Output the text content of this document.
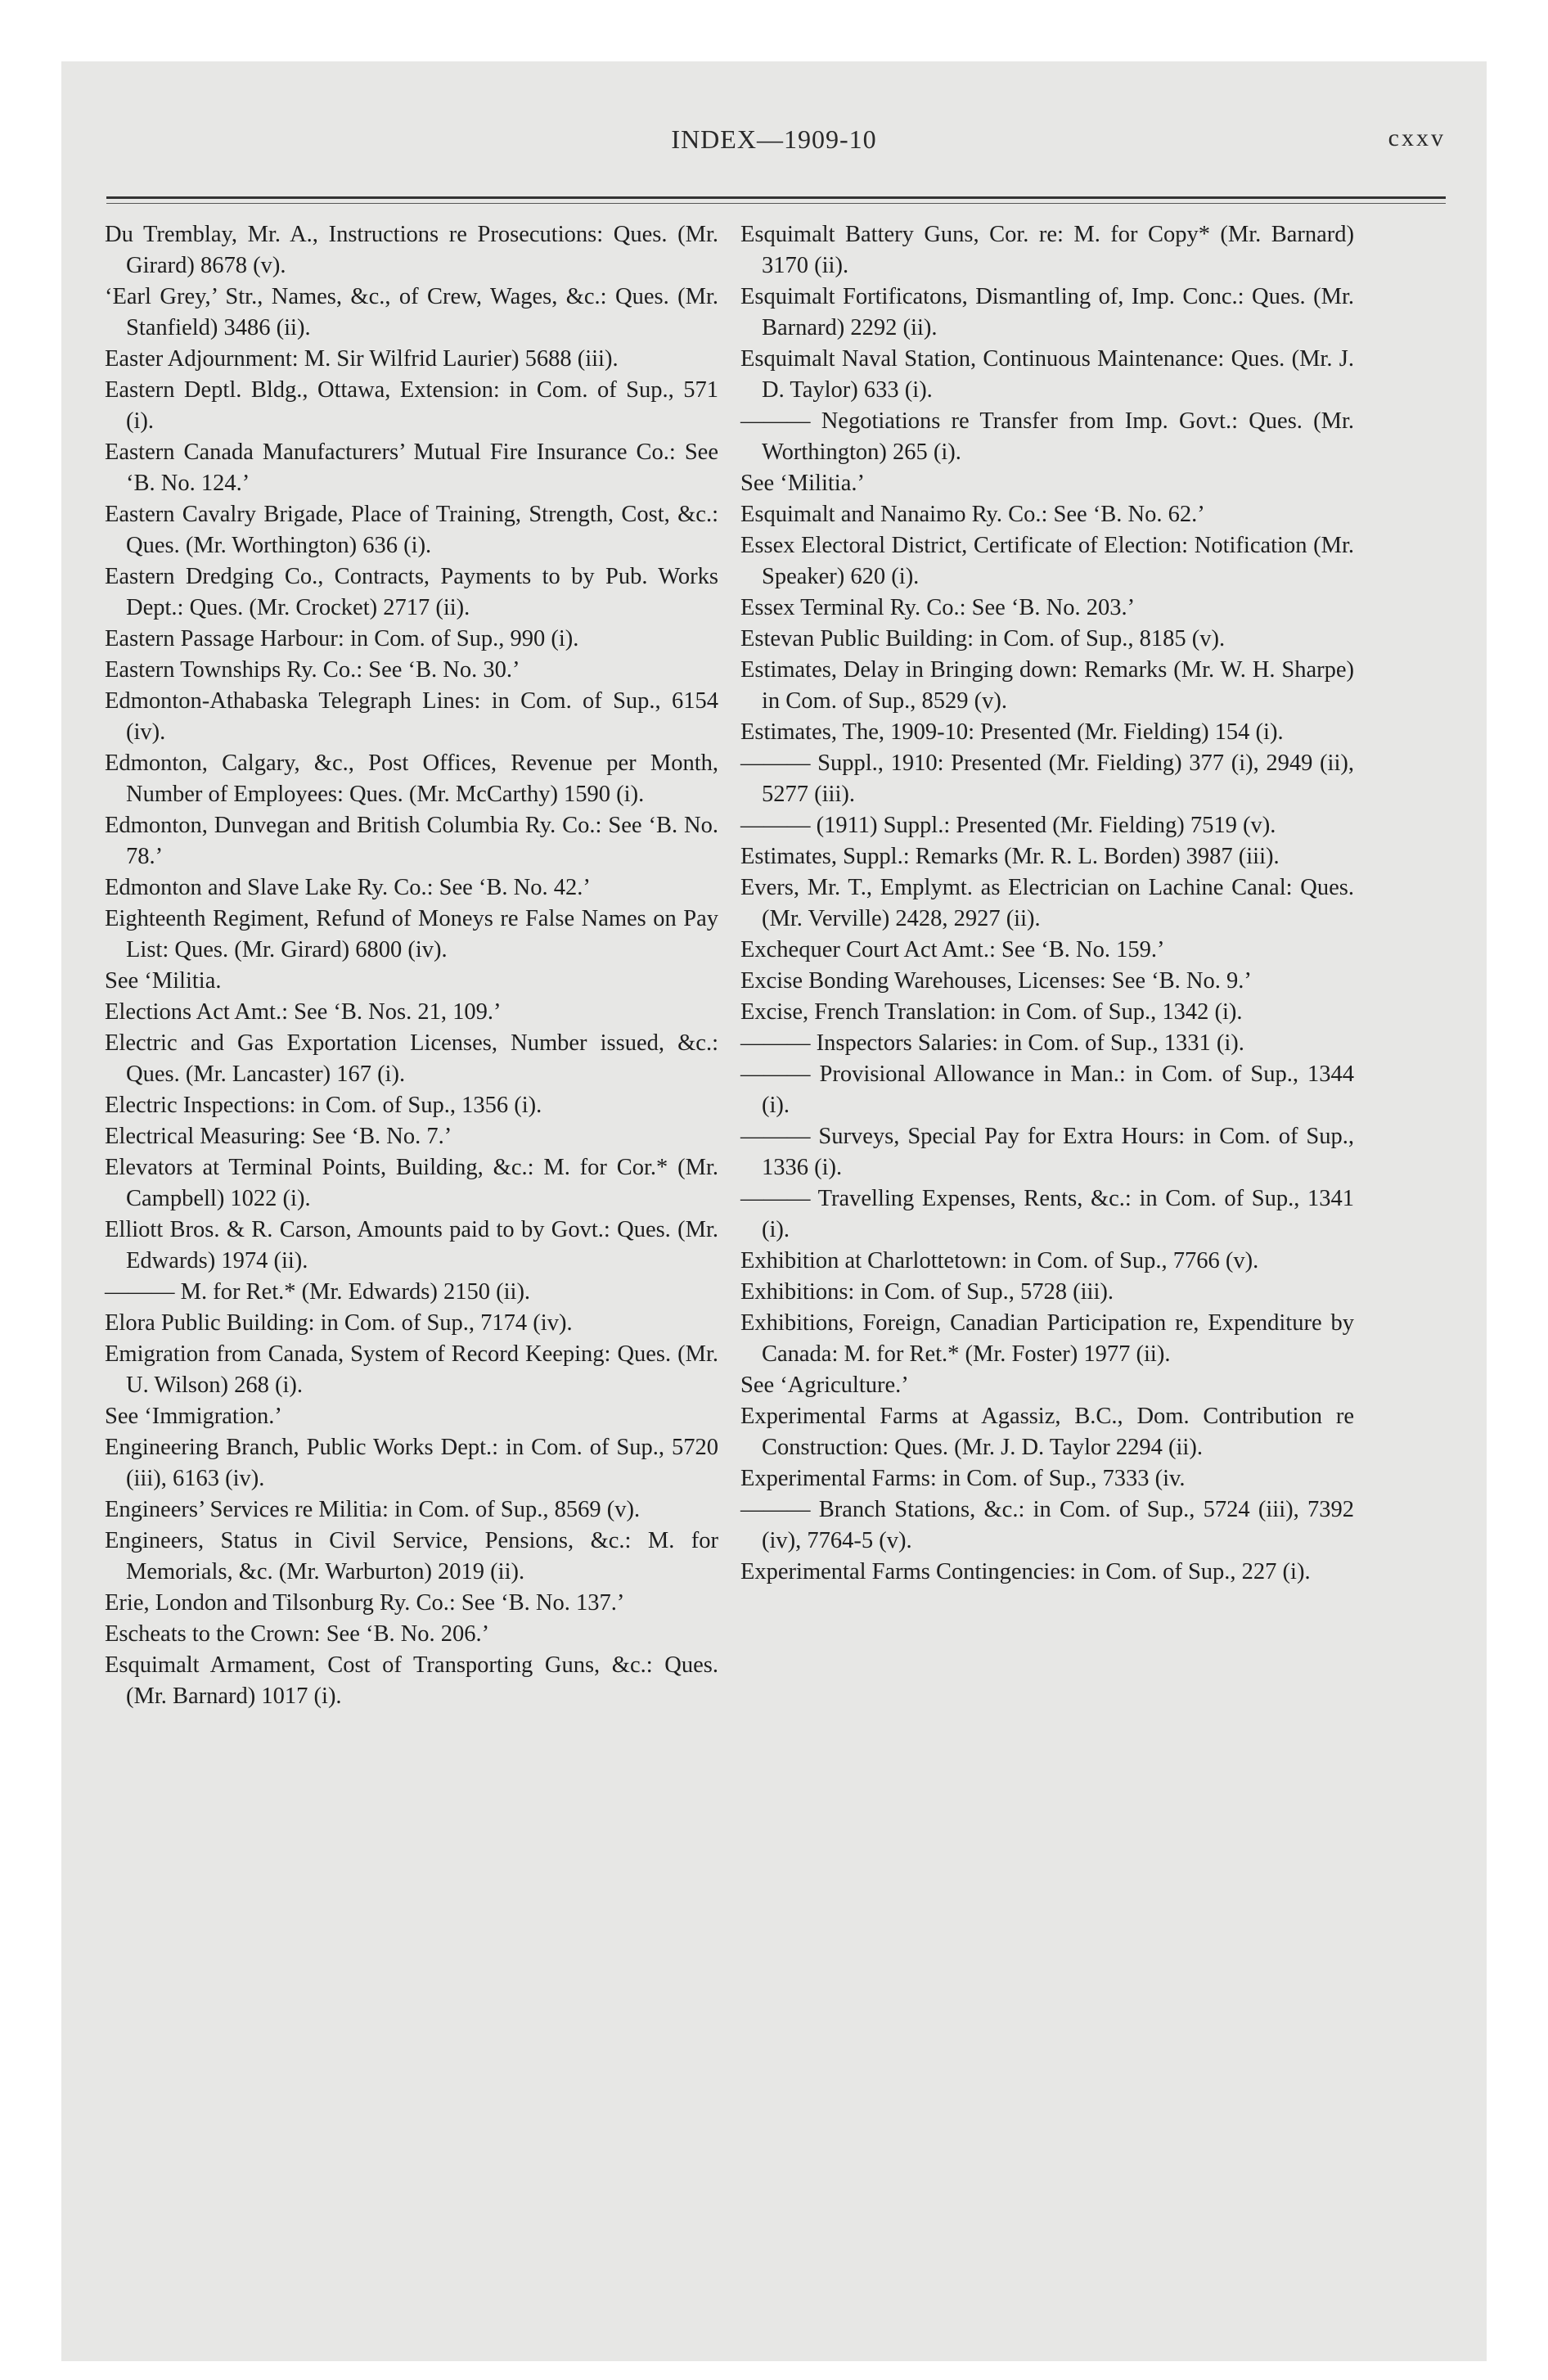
INDEX—1909-10	cxxv

Du Tremblay, Mr. A., Instructions re Prosecutions: Ques. (Mr. Girard) 8678 (v).

‘Earl Grey,’ Str., Names, &c., of Crew, Wages, &c.: Ques. (Mr. Stanfield) 3486 (ii).

Easter Adjournment: M. Sir Wilfrid Laurier) 5688 (iii).

Eastern Deptl. Bldg., Ottawa, Extension: in Com. of Sup., 571 (i).

Eastern Canada Manufacturers’ Mutual Fire Insurance Co.: See ‘B. No. 124.’

Eastern Cavalry Brigade, Place of Training, Strength, Cost, &c.: Ques. (Mr. Worthington) 636 (i).

Eastern Dredging Co., Contracts, Payments to by Pub. Works Dept.: Ques. (Mr. Crocket) 2717 (ii).

Eastern Passage Harbour: in Com. of Sup., 990 (i).

Eastern Townships Ry. Co.: See ‘B. No. 30.’

Edmonton-Athabaska Telegraph Lines: in Com. of Sup., 6154 (iv).

Edmonton, Calgary, &c., Post Offices, Revenue per Month, Number of Employees: Ques. (Mr. McCarthy) 1590 (i).

Edmonton, Dunvegan and British Columbia Ry. Co.: See ‘B. No. 78.’

Edmonton and Slave Lake Ry. Co.: See ‘B. No. 42.’

Eighteenth Regiment, Refund of Moneys re False Names on Pay List: Ques. (Mr. Girard) 6800 (iv).

See ‘Militia.

Elections Act Amt.: See ‘B. Nos. 21, 109.’

Electric and Gas Exportation Licenses, Number issued, &c.: Ques. (Mr. Lancaster) 167 (i).

Electric Inspections: in Com. of Sup., 1356 (i).

Electrical Measuring: See ‘B. No. 7.’

Elevators at Terminal Points, Building, &c.: M. for Cor.* (Mr. Campbell) 1022 (i).

Elliott Bros. & R. Carson, Amounts paid to by Govt.: Ques. (Mr. Edwards) 1974 (ii).

——— M. for Ret.* (Mr. Edwards) 2150 (ii).

Elora Public Building: in Com. of Sup., 7174 (iv).

Emigration from Canada, System of Record Keeping: Ques. (Mr. U. Wilson) 268 (i).

See ‘Immigration.’

Engineering Branch, Public Works Dept.: in Com. of Sup., 5720 (iii), 6163 (iv).

Engineers’ Services re Militia: in Com. of Sup., 8569 (v).

Engineers, Status in Civil Service, Pensions, &c.: M. for Memorials, &c. (Mr. Warburton) 2019 (ii).

Erie, London and Tilsonburg Ry. Co.: See ‘B. No. 137.’

Escheats to the Crown: See ‘B. No. 206.’

Esquimalt Armament, Cost of Transporting Guns, &c.: Ques. (Mr. Barnard) 1017 (i).

Esquimalt Battery Guns, Cor. re: M. for Copy* (Mr. Barnard) 3170 (ii).

Esquimalt Fortificatons, Dismantling of, Imp. Conc.: Ques. (Mr. Barnard) 2292 (ii).

Esquimalt Naval Station, Continuous Maintenance: Ques. (Mr. J. D. Taylor) 633 (i).

——— Negotiations re Transfer from Imp. Govt.: Ques. (Mr. Worthington) 265 (i).

See ‘Militia.’

Esquimalt and Nanaimo Ry. Co.: See ‘B. No. 62.’

Essex Electoral District, Certificate of Election: Notification (Mr. Speaker) 620 (i).

Essex Terminal Ry. Co.: See ‘B. No. 203.’

Estevan Public Building: in Com. of Sup., 8185 (v).

Estimates, Delay in Bringing down: Remarks (Mr. W. H. Sharpe) in Com. of Sup., 8529 (v).

Estimates, The, 1909-10: Presented (Mr. Fielding) 154 (i).

——— Suppl., 1910: Presented (Mr. Fielding) 377 (i), 2949 (ii), 5277 (iii).

——— (1911) Suppl.: Presented (Mr. Fielding) 7519 (v).

Estimates, Suppl.: Remarks (Mr. R. L. Borden) 3987 (iii).

Evers, Mr. T., Emplymt. as Electrician on Lachine Canal: Ques. (Mr. Verville) 2428, 2927 (ii).

Exchequer Court Act Amt.: See ‘B. No. 159.’

Excise Bonding Warehouses, Licenses: See ‘B. No. 9.’

Excise, French Translation: in Com. of Sup., 1342 (i).

——— Inspectors Salaries: in Com. of Sup., 1331 (i).

——— Provisional Allowance in Man.: in Com. of Sup., 1344 (i).

——— Surveys, Special Pay for Extra Hours: in Com. of Sup., 1336 (i).

——— Travelling Expenses, Rents, &c.: in Com. of Sup., 1341 (i).

Exhibition at Charlottetown: in Com. of Sup., 7766 (v).

Exhibitions: in Com. of Sup., 5728 (iii).

Exhibitions, Foreign, Canadian Participation re, Expenditure by Canada: M. for Ret.* (Mr. Foster) 1977 (ii).

See ‘Agriculture.’

Experimental Farms at Agassiz, B.C., Dom. Contribution re Construction: Ques. (Mr. J. D. Taylor 2294 (ii).

Experimental Farms: in Com. of Sup., 7333 (iv.

——— Branch Stations, &c.: in Com. of Sup., 5724 (iii), 7392 (iv), 7764-5 (v).

Experimental Farms Contingencies: in Com. of Sup., 227 (i).
